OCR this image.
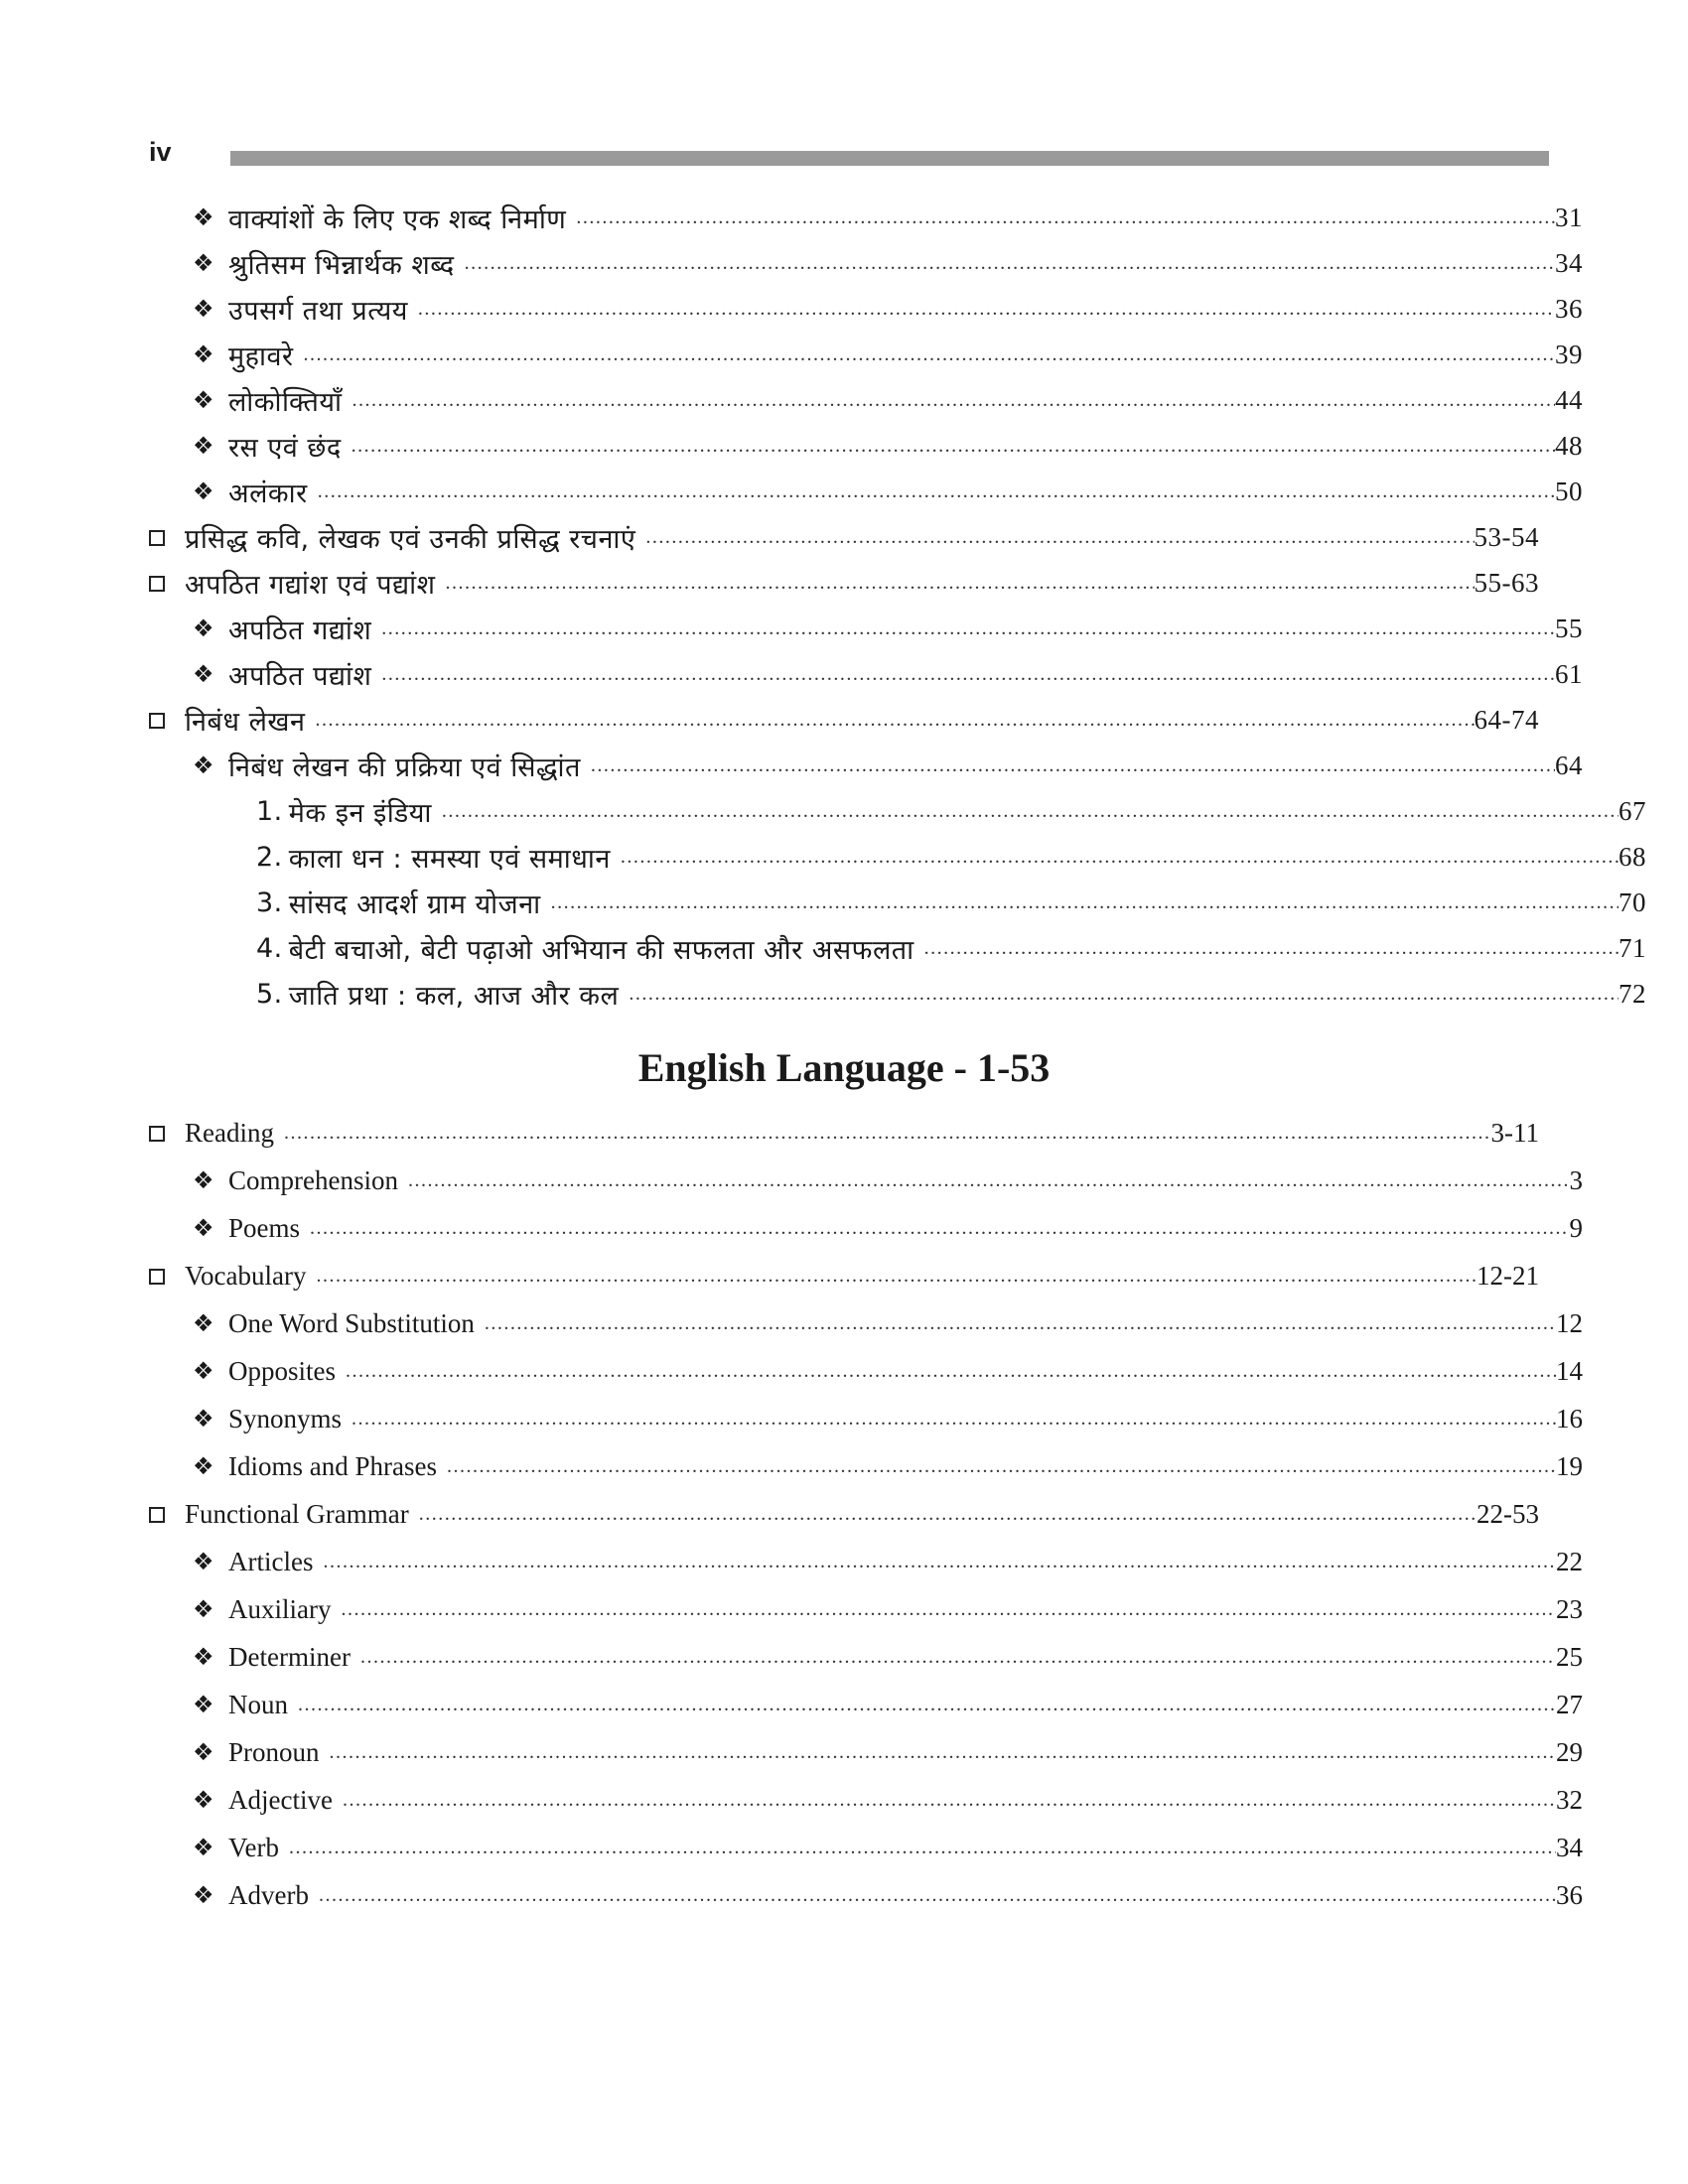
iv
❖ वाक्यांशों के लिए एक शब्द निर्माण .....	31
❖ श्रुतिसम भिन्नार्थक शब्द .....	34
❖ उपसर्ग तथा प्रत्यय .....	36
❖ मुहावरे .....	39
❖ लोकोक्तियाँ .....	44
❖ रस एवं छंद .....	48
❖ अलंकार .....	50
प्रसिद्ध कवि, लेखक एवं उनकी प्रसिद्ध रचनाएं .....	53-54
अपठित गद्यांश एवं पद्यांश .....	55-63
❖ अपठित गद्यांश .....	55
❖ अपठित पद्यांश .....	61
निबंध लेखन .....	64-74
❖ निबंध लेखन की प्रक्रिया एवं सिद्धांत .....	64
1. मेक इन इंडिया .....	67
2. काला धन : समस्या एवं समाधान .....	68
3. सांसद आदर्श ग्राम योजना .....	70
4. बेटी बचाओ, बेटी पढ़ाओ अभियान की सफलता और असफलता .....	71
5. जाति प्रथा : कल, आज और कल .....	72
English Language - 1-53
Reading .....	3-11
❖ Comprehension .....	3
❖ Poems .....	9
Vocabulary .....	12-21
❖ One Word Substitution .....	12
❖ Opposites .....	14
❖ Synonyms .....	16
❖ Idioms and Phrases .....	19
Functional Grammar .....	22-53
❖ Articles .....	22
❖ Auxiliary .....	23
❖ Determiner .....	25
❖ Noun .....	27
❖ Pronoun .....	29
❖ Adjective .....	32
❖ Verb .....	34
❖ Adverb .....	36
